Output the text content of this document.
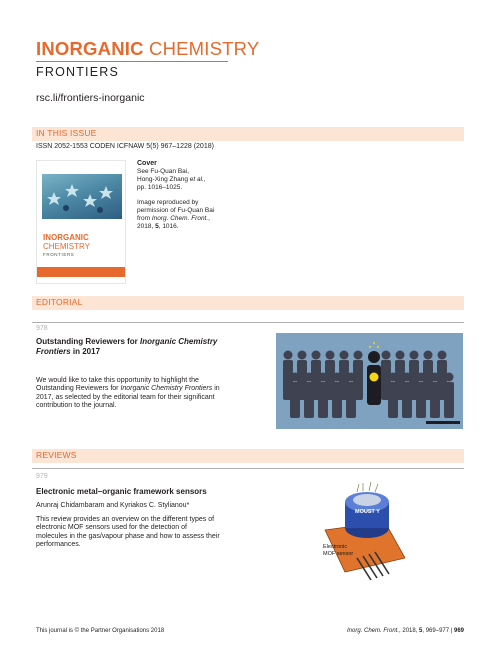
INORGANIC CHEMISTRY
FRONTIERS
rsc.li/frontiers-inorganic
IN THIS ISSUE
ISSN 2052-1553 CODEN ICFNAW 5(5) 967–1228 (2018)
INORGANIC
CHEMISTRY
FRONTIERS

Cover
See Fu-Quan Bai,
Hong-Xing Zhang et al.,
pp. 1016–1025.

Image reproduced by
permission of Fu-Quan Bai
from Inorg. Chem. Front.,
2018, 5, 1016.

EDITORIAL
978
Outstanding Reviewers for Inorganic Chemistry
Frontiers in 2017
We would like to take this opportunity to highlight the
Outstanding Reviewers for Inorganic Chemistry Frontiers in
2017, as selected by the editorial team for their significant
contribution to the journal.
REVIEWS
979
Electronic metal–organic framework sensors
Arunraj Chidambaram and Kyriakos C. Stylianou*
This review provides an overview on the different types of
electronic MOF sensors used for the detection of
molecules in the gas/vapour phase and how to assess their
performances.
MOUST Y
Electronic
MOF sensor
This journal is © the Partner Organisations 2018	Inorg. Chem. Front., 2018, 5, 969–977 | 969
